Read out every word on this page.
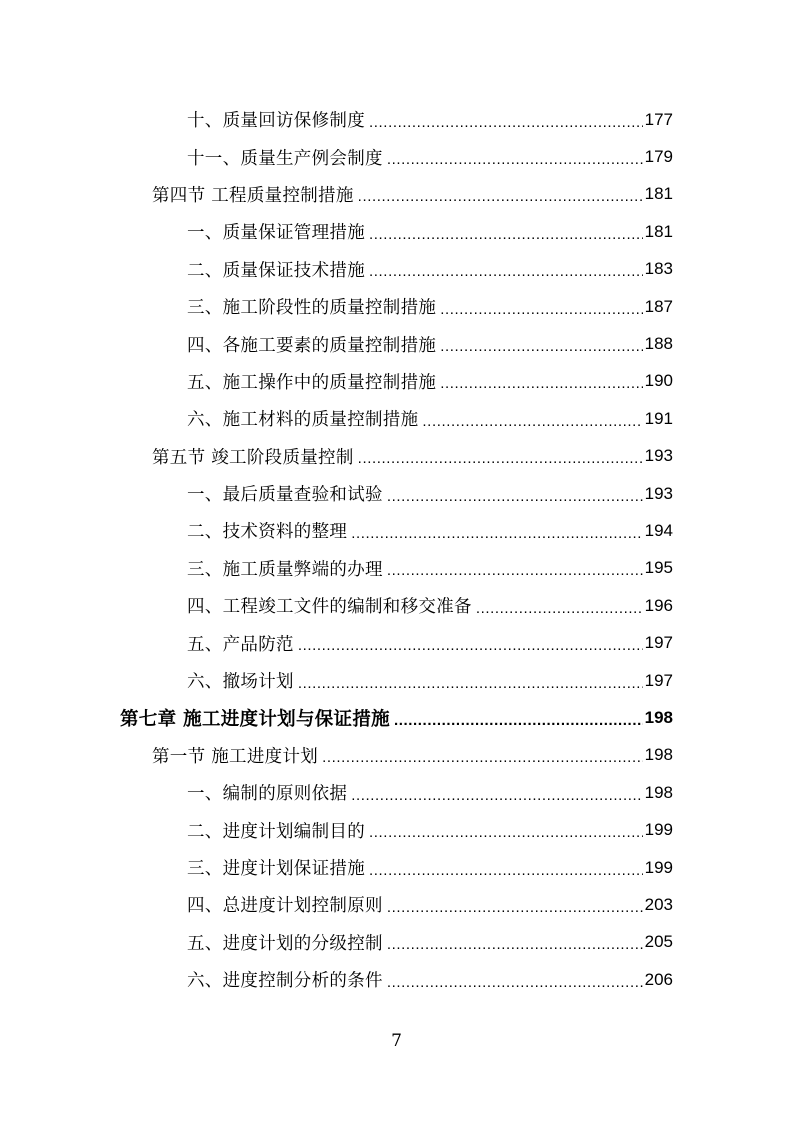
十、质量回访保修制度 .....	177
十一、质量生产例会制度 .....	179
第四节 工程质量控制措施 .....	181
一、质量保证管理措施 .....	181
二、质量保证技术措施 .....	183
三、施工阶段性的质量控制措施 .....	187
四、各施工要素的质量控制措施 .....	188
五、施工操作中的质量控制措施 .....	190
六、施工材料的质量控制措施 .....	191
第五节 竣工阶段质量控制 .....	193
一、最后质量查验和试验 .....	193
二、技术资料的整理 .....	194
三、施工质量弊端的办理 .....	195
四、工程竣工文件的编制和移交准备 .....	196
五、产品防范 .....	197
六、撤场计划 .....	197
第七章 施工进度计划与保证措施 .....	198
第一节 施工进度计划 .....	198
一、编制的原则依据 .....	198
二、进度计划编制目的 .....	199
三、进度计划保证措施 .....	199
四、总进度计划控制原则 .....	203
五、进度计划的分级控制 .....	205
六、进度控制分析的条件 .....	206
7
